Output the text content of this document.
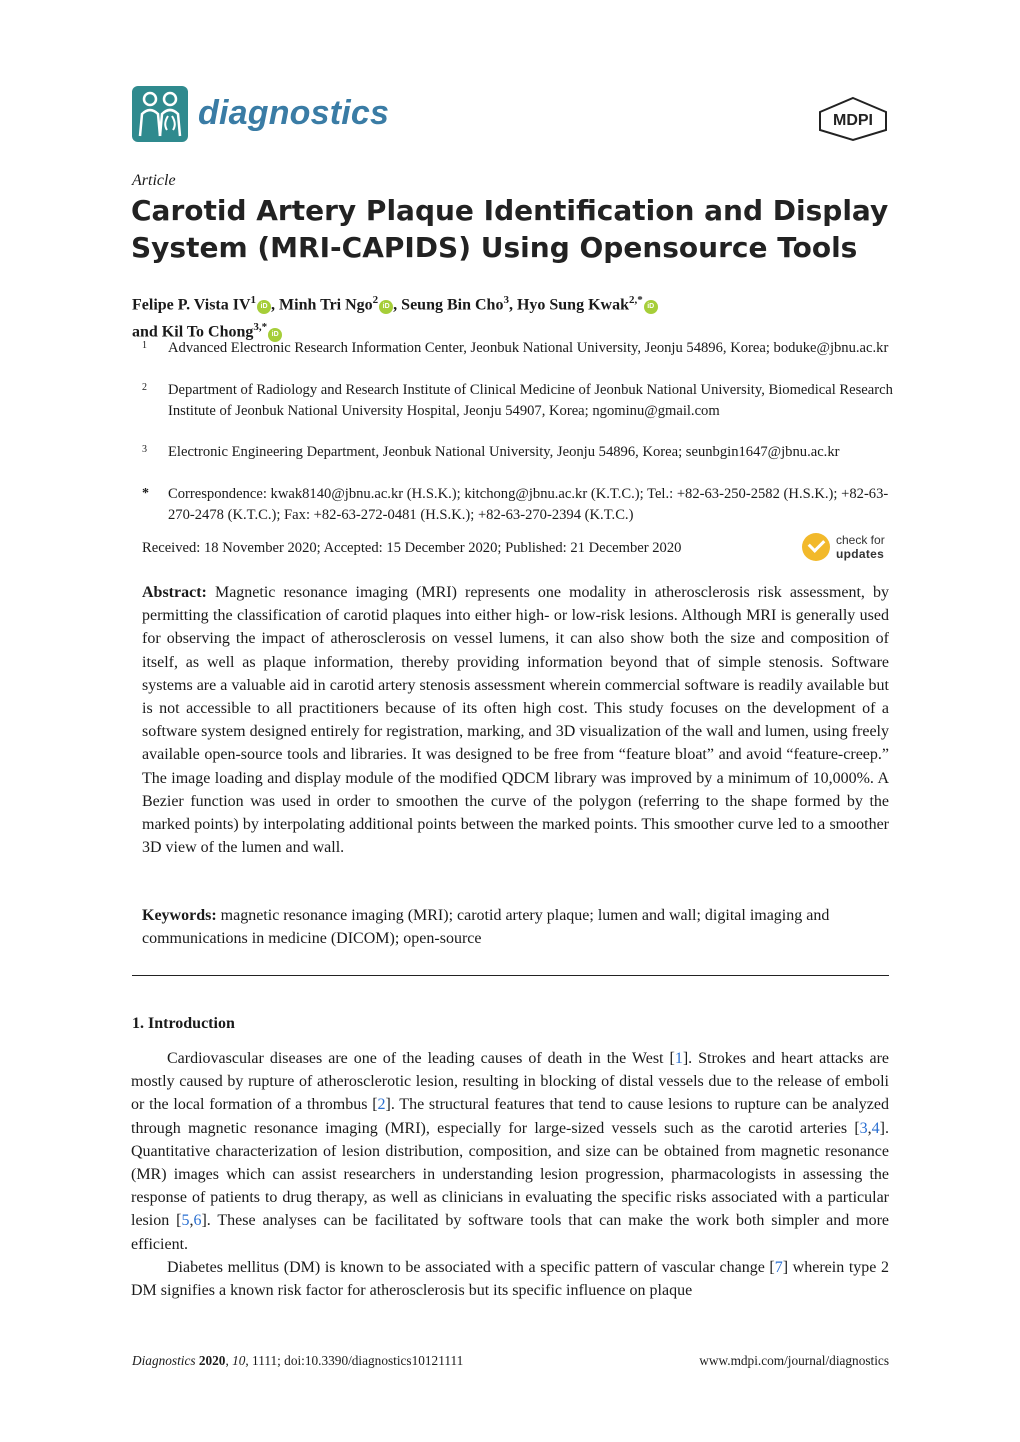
diagnostics	MDPI
Article
Carotid Artery Plaque Identification and Display System (MRI-CAPIDS) Using Opensource Tools
Felipe P. Vista $IV^1iD$ , Minh Tri Ngo$^2$iD , Seung Bin Cho$^3$, Hyo Sung Kwak$^{2,*}$iD
and Kil To Chong$^{3,*}$iD
1 Advanced Electronic Research Information Center, Jeonbuk National University, Jeonju 54896, Korea; boduke@jbnu.ac.kr
2 Department of Radiology and Research Institute of Clinical Medicine of Jeonbuk National University, Biomedical Research Institute of Jeonbuk National University Hospital, Jeonju 54907, Korea; ngominu@gmail.com
3 Electronic Engineering Department, Jeonbuk National University, Jeonju 54896, Korea; seunbgin1647@jbnu.ac.kr
* Correspondence: kwak8140@jbnu.ac.kr (H.S.K.); kitchong@jbnu.ac.kr (K.T.C.); Tel.: +82-63-250-2582 (H.S.K.); +82-63-270-2478 (K.T.C.); Fax: +82-63-272-0481 (H.S.K.); +82-63-270-2394 (K.T.C.)
Received: 18 November 2020; Accepted: 15 December 2020; Published: 21 December 2020	check for
updates
Abstract: Magnetic resonance imaging (MRI) represents one modality in atherosclerosis risk assessment, by permitting the classification of carotid plaques into either high- or low-risk lesions. Although MRI is generally used for observing the impact of atherosclerosis on vessel lumens, it can also show both the size and composition of itself, as well as plaque information, thereby providing information beyond that of simple stenosis. Software systems are a valuable aid in carotid artery stenosis assessment wherein commercial software is readily available but is not accessible to all practitioners because of its often high cost. This study focuses on the development of a software system designed entirely for registration, marking, and 3D visualization of the wall and lumen, using freely available open-source tools and libraries. It was designed to be free from “feature bloat” and avoid “feature-creep.” The image loading and display module of the modified QDCM library was improved by a minimum of 10,000%. A Bezier function was used in order to smoothen the curve of the polygon (referring to the shape formed by the marked points) by interpolating additional points between the marked points. This smoother curve led to a smoother 3D view of the lumen and wall.
Keywords: magnetic resonance imaging (MRI); carotid artery plaque; lumen and wall; digital imaging and communications in medicine (DICOM); open-source
1. Introduction

Cardiovascular diseases are one of the leading causes of death in the West [1]. Strokes and heart attacks are mostly caused by rupture of atherosclerotic lesion, resulting in blocking of distal vessels due to the release of emboli or the local formation of a thrombus [2]. The structural features that tend to cause lesions to rupture can be analyzed through magnetic resonance imaging (MRI), especially for large-sized vessels such as the carotid arteries [3,4]. Quantitative characterization of lesion distribution, composition, and size can be obtained from magnetic resonance (MR) images which can assist researchers in understanding lesion progression, pharmacologists in assessing the response of patients to drug therapy, as well as clinicians in evaluating the specific risks associated with a particular lesion [5,6]. These analyses can be facilitated by software tools that can make the work both simpler and more efficient.

Diabetes mellitus (DM) is known to be associated with a specific pattern of vascular change [7] wherein type 2 DM signifies a known risk factor for atherosclerosis but its specific influence on plaque

Diagnostics 2020, 10, 1111; doi:10.3390/diagnostics10121111	www.mdpi.com/journal/diagnostics
